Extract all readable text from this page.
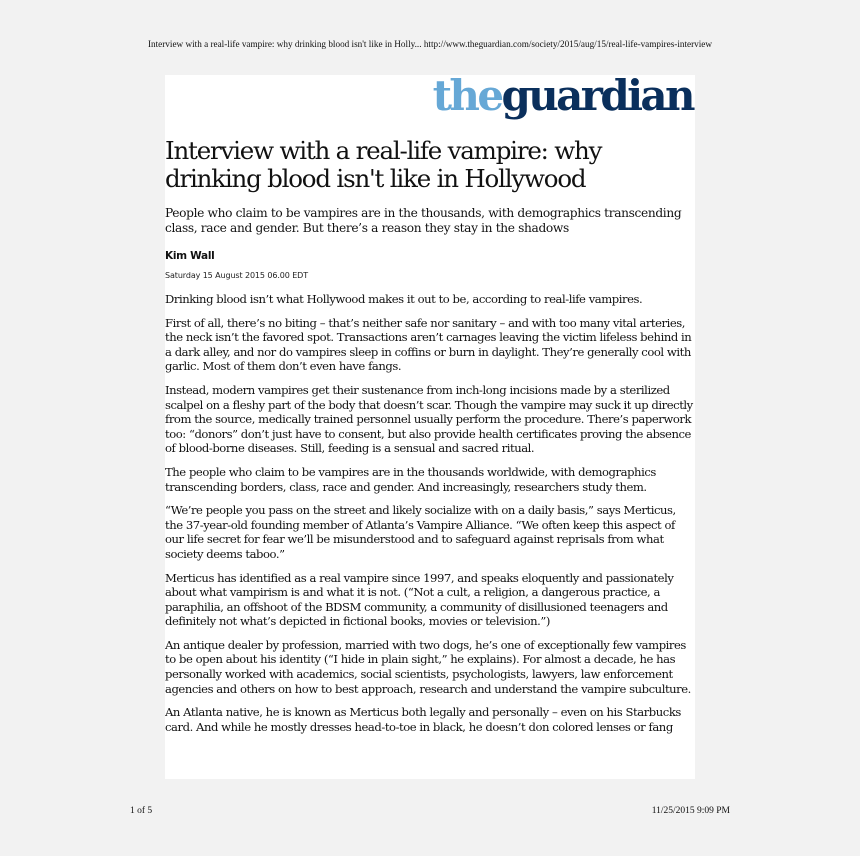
Interview with a real-life vampire: why drinking blood isn't like in Holly... http://www.theguardian.com/society/2015/aug/15/real-life-vampires-interview
theguardian
Interview with a real-life vampire: why drinking blood isn't like in Hollywood

People who claim to be vampires are in the thousands, with demographics transcending class, race and gender. But there’s a reason they stay in the shadows

Kim Wall
Saturday 15 August 2015 06.00 EDT

Drinking blood isn’t what Hollywood makes it out to be, according to real-life vampires.

First of all, there’s no biting – that’s neither safe nor sanitary – and with too many vital arteries, the neck isn’t the favored spot. Transactions aren’t carnages leaving the victim lifeless behind in a dark alley, and nor do vampires sleep in coffins or burn in daylight. They’re generally cool with garlic. Most of them don’t even have fangs.

Instead, modern vampires get their sustenance from inch-long incisions made by a sterilized scalpel on a fleshy part of the body that doesn’t scar. Though the vampire may suck it up directly from the source, medically trained personnel usually perform the procedure. There’s paperwork too: “donors” don’t just have to consent, but also provide health certificates proving the absence of blood-borne diseases. Still, feeding is a sensual and sacred ritual.

The people who claim to be vampires are in the thousands worldwide, with demographics transcending borders, class, race and gender. And increasingly, researchers study them.

“We’re people you pass on the street and likely socialize with on a daily basis,” says Merticus, the 37-year-old founding member of Atlanta’s Vampire Alliance. “We often keep this aspect of our life secret for fear we’ll be misunderstood and to safeguard against reprisals from what society deems taboo.”

Merticus has identified as a real vampire since 1997, and speaks eloquently and passionately about what vampirism is and what it is not. (“Not a cult, a religion, a dangerous practice, a paraphilia, an offshoot of the BDSM community, a community of disillusioned teenagers and definitely not what’s depicted in fictional books, movies or television.”)

An antique dealer by profession, married with two dogs, he’s one of exceptionally few vampires to be open about his identity (“I hide in plain sight,” he explains). For almost a decade, he has personally worked with academics, social scientists, psychologists, lawyers, law enforcement agencies and others on how to best approach, research and understand the vampire subculture.

An Atlanta native, he is known as Merticus both legally and personally – even on his Starbucks card. And while he mostly dresses head-to-toe in black, he doesn’t don colored lenses or fang

1 of 5	11/25/2015 9:09 PM
